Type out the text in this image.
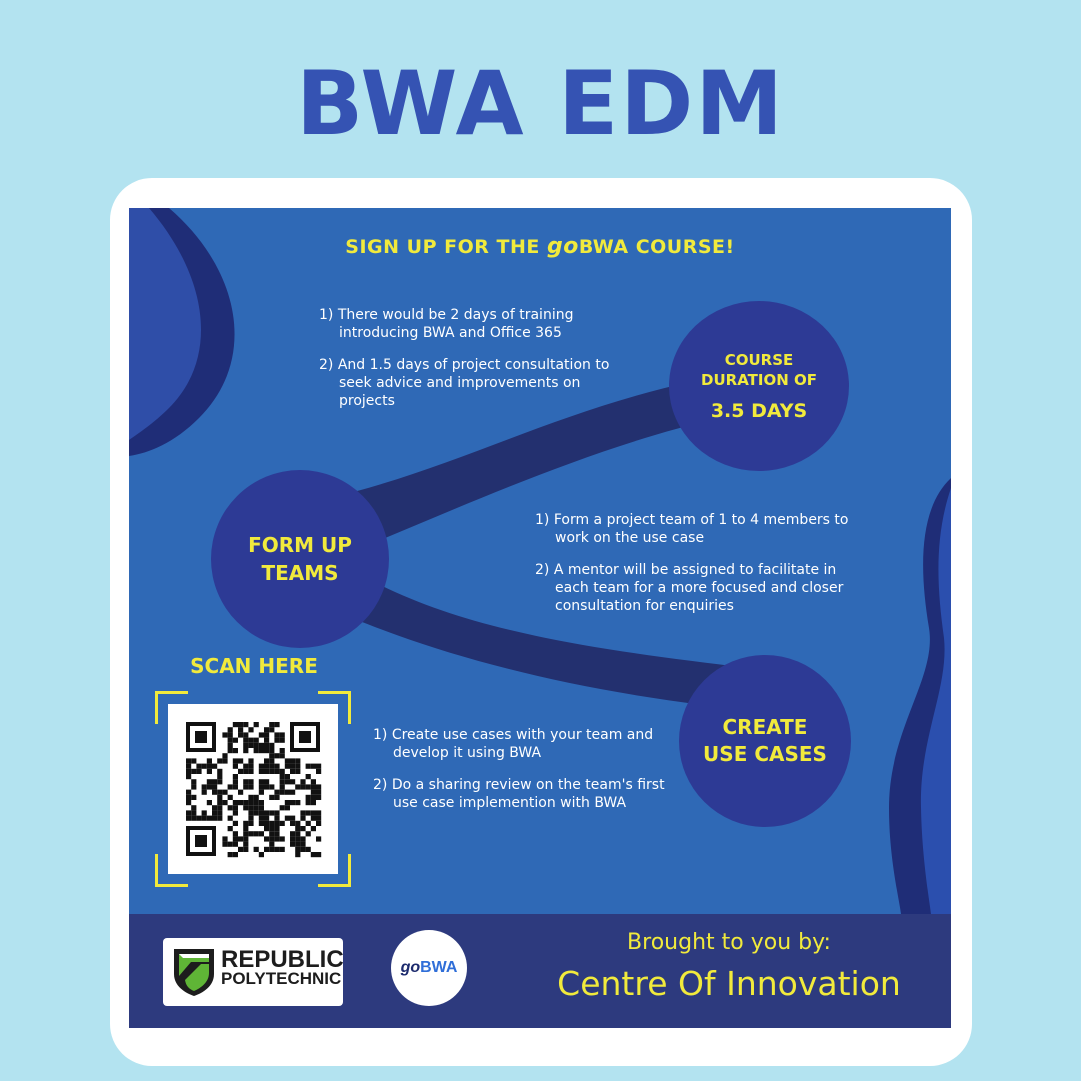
BWA EDM
SIGN UP FOR THE goBWA COURSE!
1) There would be 2 days of training introducing BWA and Office 365
2) And 1.5 days of project consultation to seek advice and improvements on projects
COURSE
DURATION OF
3.5 DAYS
FORM UP
TEAMS
1) Form a project team of 1 to 4 members to work on the use case
2) A mentor will be assigned to facilitate in each team for a more focused and closer consultation for enquiries
SCAN HERE
CREATE
USE CASES
1) Create use cases with your team and develop it using BWA
2) Do a sharing review on the team's first use case implemention with BWA
REPUBLIC
POLYTECHNIC
go BWA
Brought to you by:
Centre Of Innovation
